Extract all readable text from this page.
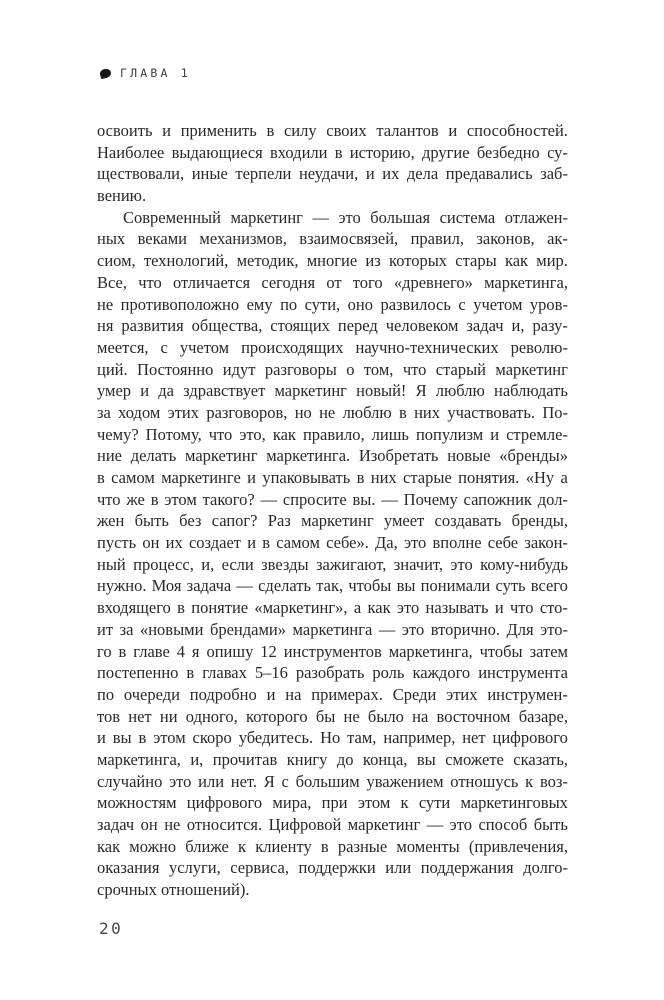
ГЛАВА 1
освоить и применить в силу своих талантов и способностей.
Наиболее выдающиеся входили в историю, другие безбедно су-
ществовали, иные терпели неудачи, и их дела предавались заб-
вению.
Современный маркетинг — это большая система отлажен-
ных веками механизмов, взаимосвязей, правил, законов, ак-
сиом, технологий, методик, многие из которых стары как мир.
Все, что отличается сегодня от того «древнего» маркетинга,
не противоположно ему по сути, оно развилось с учетом уров-
ня развития общества, стоящих перед человеком задач и, разу-
меется, с учетом происходящих научно-технических револю-
ций. Постоянно идут разговоры о том, что старый маркетинг
умер и да здравствует маркетинг новый! Я люблю наблюдать
за ходом этих разговоров, но не люблю в них участвовать. По-
чему? Потому, что это, как правило, лишь популизм и стремле-
ние делать маркетинг маркетинга. Изобретать новые «бренды»
в самом маркетинге и упаковывать в них старые понятия. «Ну а
что же в этом такого? — спросите вы. — Почему сапожник дол-
жен быть без сапог? Раз маркетинг умеет создавать бренды,
пусть он их создает и в самом себе». Да, это вполне себе закон-
ный процесс, и, если звезды зажигают, значит, это кому-нибудь
нужно. Моя задача — сделать так, чтобы вы понимали суть всего
входящего в понятие «маркетинг», а как это называть и что сто-
ит за «новыми брендами» маркетинга — это вторично. Для это-
го в главе 4 я опишу 12 инструментов маркетинга, чтобы затем
постепенно в главах 5–16 разобрать роль каждого инструмента
по очереди подробно и на примерах. Среди этих инструмен-
тов нет ни одного, которого бы не было на восточном базаре,
и вы в этом скоро убедитесь. Но там, например, нет цифрового
маркетинга, и, прочитав книгу до конца, вы сможете сказать,
случайно это или нет. Я с большим уважением отношусь к воз-
можностям цифрового мира, при этом к сути маркетинговых
задач он не относится. Цифровой маркетинг — это способ быть
как можно ближе к клиенту в разные моменты (привлечения,
оказания услуги, сервиса, поддержки или поддержания долго-
срочных отношений).
20
